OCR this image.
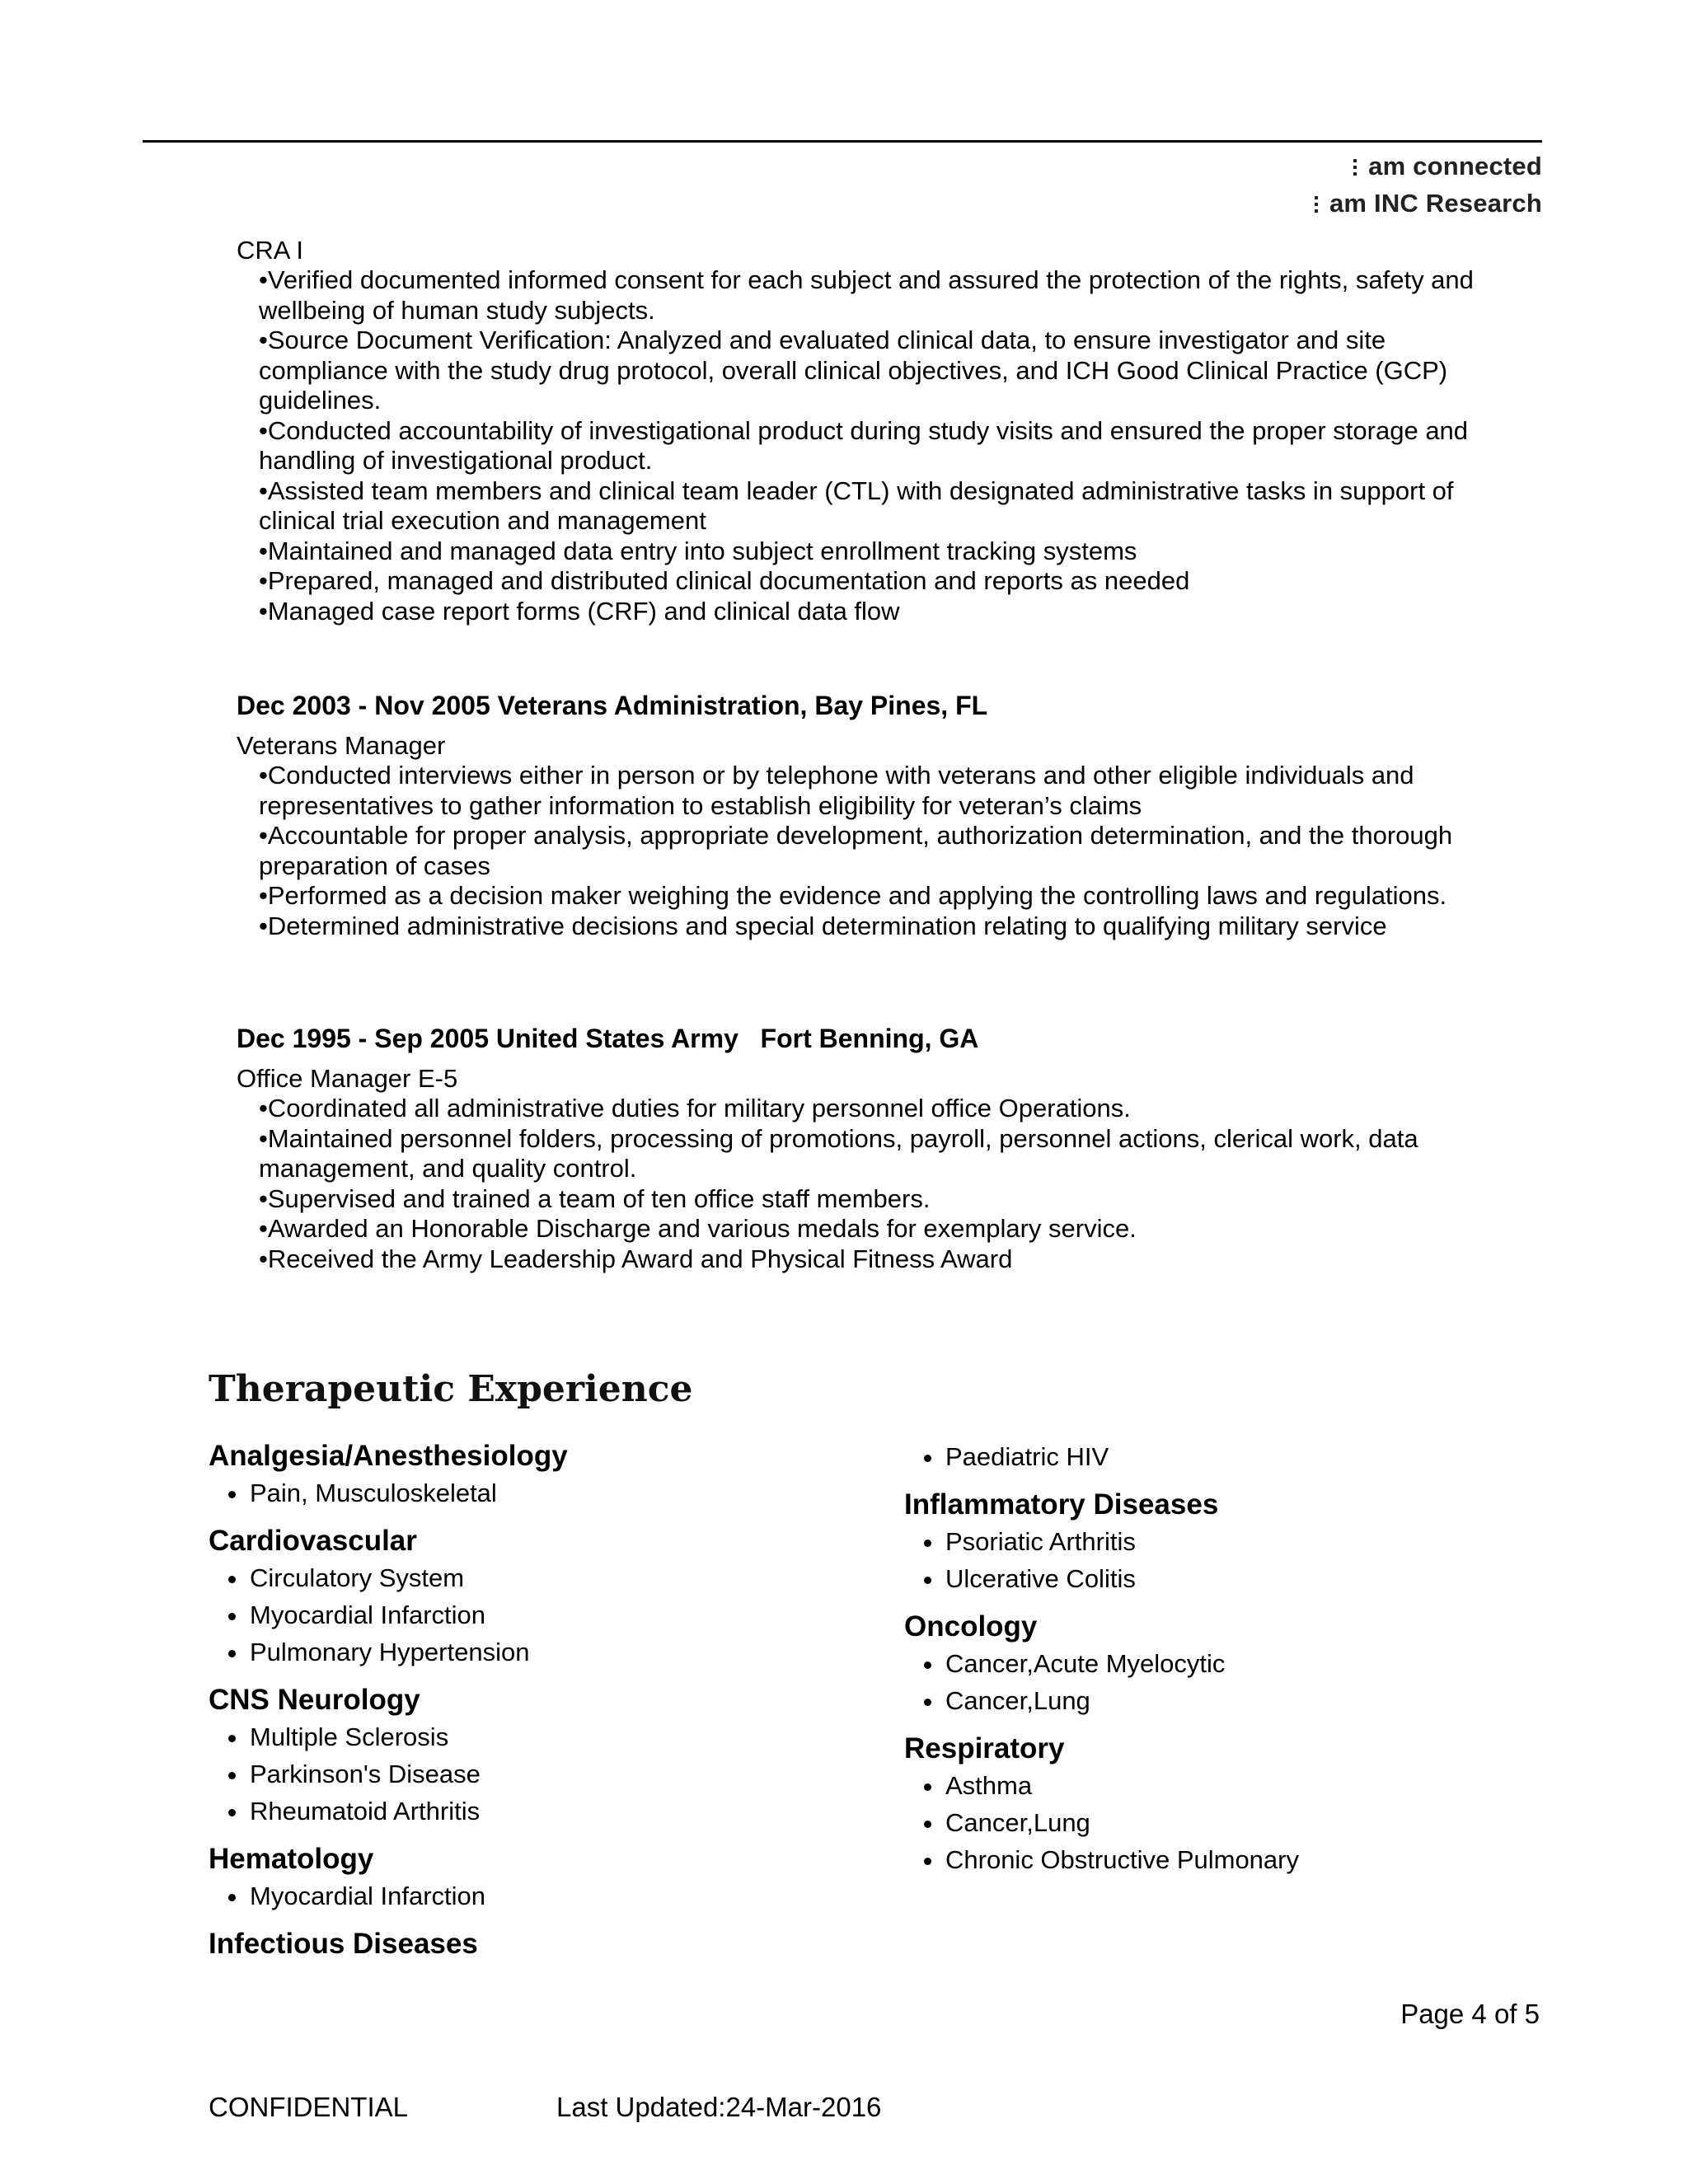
am connected
am INC Research
CRA I
•Verified documented informed consent for each subject and assured the protection of the rights, safety and wellbeing of human study subjects.
•Source Document Verification: Analyzed and evaluated clinical data, to ensure investigator and site compliance with the study drug protocol, overall clinical objectives, and ICH Good Clinical Practice (GCP) guidelines.
•Conducted accountability of investigational product during study visits and ensured the proper storage and handling of investigational product.
•Assisted team members and clinical team leader (CTL) with designated administrative tasks in support of clinical trial execution and management
•Maintained and managed data entry into subject enrollment tracking systems
•Prepared, managed and distributed clinical documentation and reports as needed
•Managed case report forms (CRF) and clinical data flow
Dec 2003 - Nov 2005 Veterans Administration, Bay Pines, FL
Veterans Manager
•Conducted interviews either in person or by telephone with veterans and other eligible individuals and representatives to gather information to establish eligibility for veteran’s claims
•Accountable for proper analysis, appropriate development, authorization determination, and the thorough preparation of cases
•Performed as a decision maker weighing the evidence and applying the controlling laws and regulations.
•Determined administrative decisions and special determination relating to qualifying military service
Dec 1995 - Sep 2005 United States Army   Fort Benning, GA
Office Manager E-5
•Coordinated all administrative duties for military personnel office Operations.
•Maintained personnel folders, processing of promotions, payroll, personnel actions, clerical work, data management, and quality control.
•Supervised and trained a team of ten office staff members.
•Awarded an Honorable Discharge and various medals for exemplary service.
•Received the Army Leadership Award and Physical Fitness Award
Therapeutic Experience
Analgesia/Anesthesiology
Pain, Musculoskeletal
Cardiovascular
Circulatory System
Myocardial Infarction
Pulmonary Hypertension
CNS Neurology
Multiple Sclerosis
Parkinson's Disease
Rheumatoid Arthritis
Hematology
Myocardial Infarction
Infectious Diseases
Paediatric HIV
Inflammatory Diseases
Psoriatic Arthritis
Ulcerative Colitis
Oncology
Cancer,Acute Myelocytic
Cancer,Lung
Respiratory
Asthma
Cancer,Lung
Chronic Obstructive Pulmonary
Page 4 of 5
CONFIDENTIAL	Last Updated:24-Mar-2016
